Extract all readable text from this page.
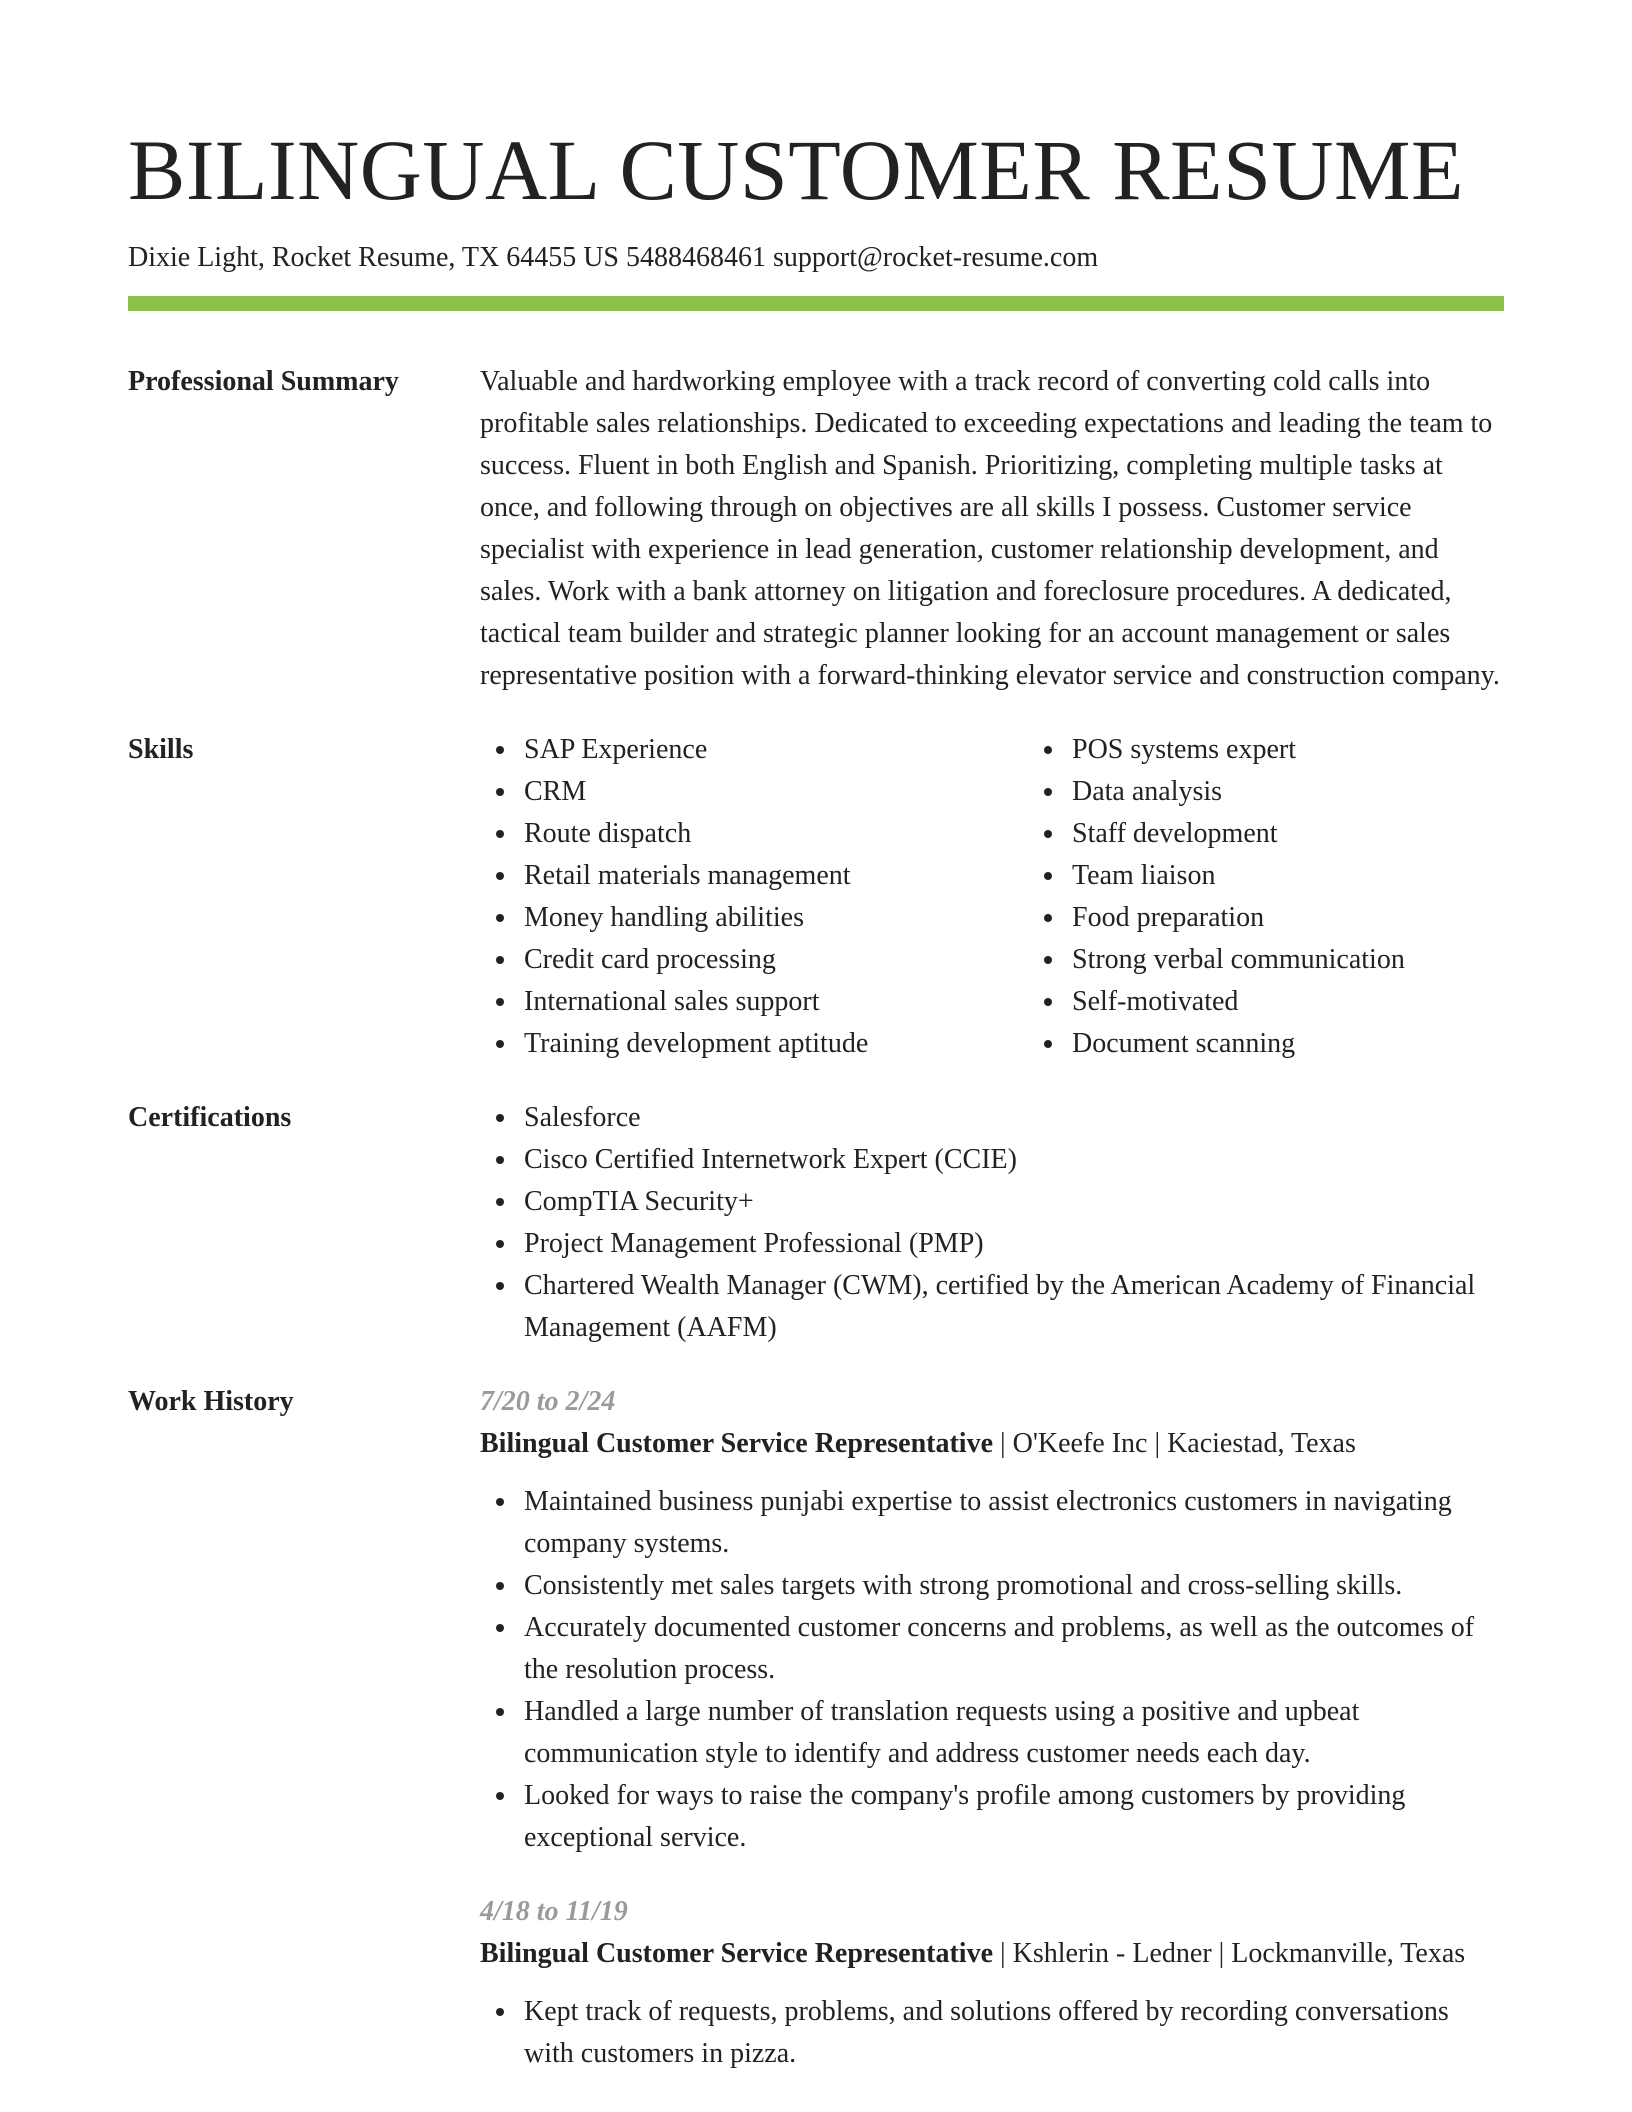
BILINGUAL CUSTOMER RESUME
Dixie Light, Rocket Resume, TX 64455 US 5488468461 support@rocket-resume.com
Professional Summary	Valuable and hardworking employee with a track record of converting cold calls into profitable sales relationships. Dedicated to exceeding expectations and leading the team to success. Fluent in both English and Spanish. Prioritizing, completing multiple tasks at once, and following through on objectives are all skills I possess. Customer service specialist with experience in lead generation, customer relationship development, and sales. Work with a bank attorney on litigation and foreclosure procedures. A dedicated, tactical team builder and strategic planner looking for an account management or sales representative position with a forward-thinking elevator service and construction company.

Skills	SAP Experience
CRM
Route dispatch
Retail materials management
Money handling abilities
Credit card processing
International sales support
Training development aptitude
POS systems expert
Data analysis
Staff development
Team liaison
Food preparation
Strong verbal communication
Self-motivated
Document scanning
Certifications	Salesforce
Cisco Certified Internetwork Expert (CCIE)
CompTIA Security+
Project Management Professional (PMP)
Chartered Wealth Manager (CWM), certified by the American Academy of Financial Management (AAFM)
Work History	7/20 to 2/24
Bilingual Customer Service Representative | O'Keefe Inc | Kaciestad, Texas
Maintained business punjabi expertise to assist electronics customers in navigating company systems.
Consistently met sales targets with strong promotional and cross-selling skills.
Accurately documented customer concerns and problems, as well as the outcomes of the resolution process.
Handled a large number of translation requests using a positive and upbeat communication style to identify and address customer needs each day.
Looked for ways to raise the company's profile among customers by providing exceptional service.
4/18 to 11/19
Bilingual Customer Service Representative | Kshlerin - Ledner | Lockmanville, Texas
Kept track of requests, problems, and solutions offered by recording conversations with customers in pizza.
